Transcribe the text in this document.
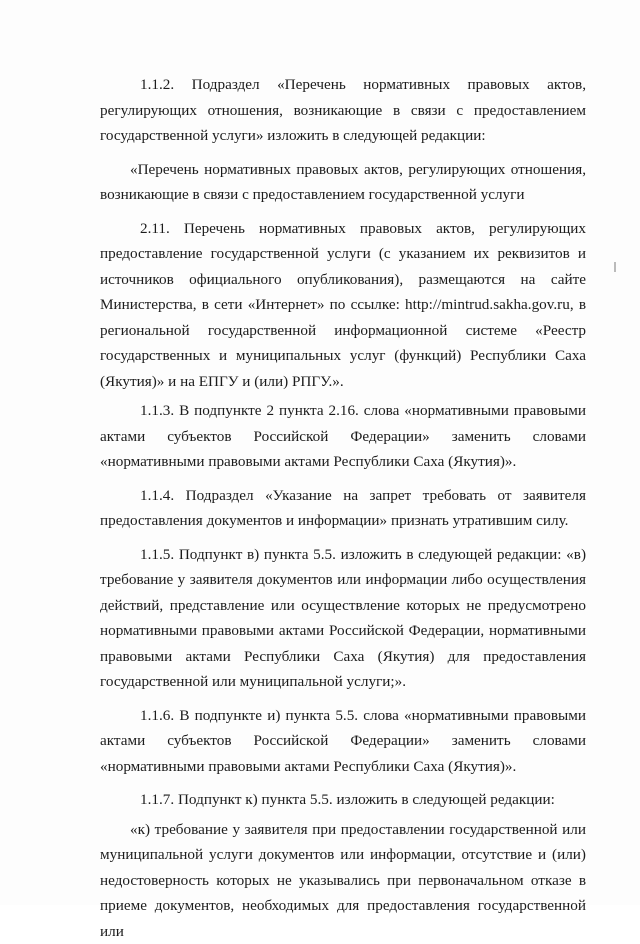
1.1.2. Подраздел «Перечень нормативных правовых актов, регулирующих отношения, возникающие в связи с предоставлением государственной услуги» изложить в следующей редакции:

«Перечень нормативных правовых актов, регулирующих отношения, возникающие в связи с предоставлением государственной услуги

2.11. Перечень нормативных правовых актов, регулирующих предоставление государственной услуги (с указанием их реквизитов и источников официального опубликования), размещаются на сайте Министерства, в сети «Интернет» по ссылке: http://mintrud.sakha.gov.ru, в региональной государственной информационной системе «Реестр государственных и муниципальных услуг (функций) Республики Саха (Якутия)» и на ЕПГУ и (или) РПГУ.».

1.1.3. В подпункте 2 пункта 2.16. слова «нормативными правовыми актами субъектов Российской Федерации» заменить словами «нормативными правовыми актами Республики Саха (Якутия)».

1.1.4. Подраздел «Указание на запрет требовать от заявителя предоставления документов и информации» признать утратившим силу.

1.1.5. Подпункт в) пункта 5.5. изложить в следующей редакции: «в) требование у заявителя документов или информации либо осуществления действий, представление или осуществление которых не предусмотрено нормативными правовыми актами Российской Федерации, нормативными правовыми актами Республики Саха (Якутия) для предоставления государственной или муниципальной услуги;».

1.1.6. В подпункте и) пункта 5.5. слова «нормативными правовыми актами субъектов Российской Федерации» заменить словами «нормативными правовыми актами Республики Саха (Якутия)».

1.1.7. Подпункт к) пункта 5.5. изложить в следующей редакции:

«к) требование у заявителя при предоставлении государственной или муниципальной услуги документов или информации, отсутствие и (или) недостоверность которых не указывались при первоначальном отказе в приеме документов, необходимых для предоставления государственной или
